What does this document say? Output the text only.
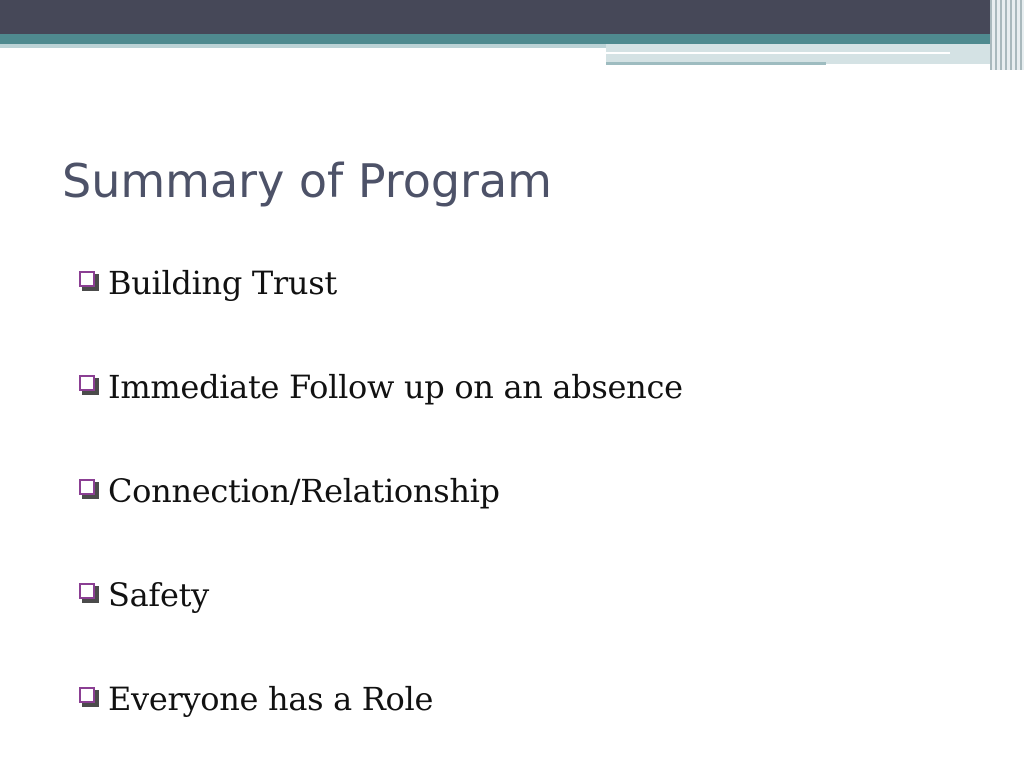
Summary of Program
Building Trust
Immediate Follow up on an absence
Connection/Relationship
Safety
Everyone has a Role
